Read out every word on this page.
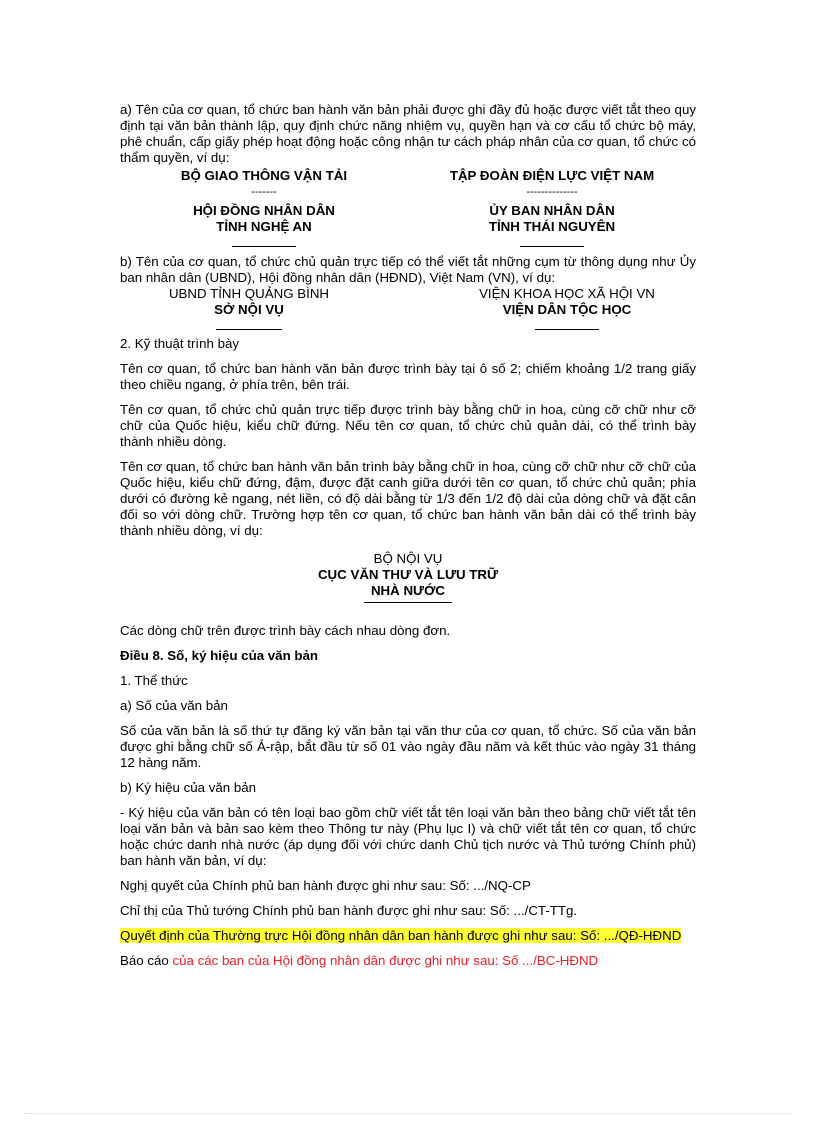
a) Tên của cơ quan, tổ chức ban hành văn bản phải được ghi đầy đủ hoặc được viết tắt theo quy định tại văn bản thành lập, quy định chức năng nhiệm vụ, quyền hạn và cơ cấu tổ chức bộ máy, phê chuẩn, cấp giấy phép hoạt động hoặc công nhận tư cách pháp nhân của cơ quan, tổ chức có thẩm quyền, ví dụ:

BỘ GIAO THÔNG VẬN TẢI

-------

HỘI ĐỒNG NHÂN DÂN

TỈNH NGHỆ AN

TẬP ĐOÀN ĐIỆN LỰC VIỆT NAM

--------------

ỦY BAN NHÂN DÂN

TỈNH THÁI NGUYÊN

b) Tên của cơ quan, tổ chức chủ quản trực tiếp có thể viết tắt những cụm từ thông dụng như Ủy ban nhân dân (UBND), Hội đồng nhân dân (HĐND), Việt Nam (VN), ví dụ:

UBND TỈNH QUẢNG BÌNH

SỞ NỘI VỤ

VIỆN KHOA HỌC XÃ HỘI VN

VIỆN DÂN TỘC HỌC

2. Kỹ thuật trình bày

Tên cơ quan, tổ chức ban hành văn bản được trình bày tại ô số 2; chiếm khoảng 1/2 trang giấy theo chiều ngang, ở phía trên, bên trái.

Tên cơ quan, tổ chức chủ quản trực tiếp được trình bày bằng chữ in hoa, cùng cỡ chữ như cỡ chữ của Quốc hiệu, kiểu chữ đứng. Nếu tên cơ quan, tổ chức chủ quản dài, có thể trình bày thành nhiều dòng.

Tên cơ quan, tổ chức ban hành văn bản trình bày bằng chữ in hoa, cùng cỡ chữ như cỡ chữ của Quốc hiệu, kiểu chữ đứng, đậm, được đặt canh giữa dưới tên cơ quan, tổ chức chủ quản; phía dưới có đường kẻ ngang, nét liền, có độ dài bằng từ 1/3 đến 1/2 độ dài của dòng chữ và đặt cân đối so với dòng chữ. Trường hợp tên cơ quan, tổ chức ban hành văn bản dài có thể trình bày thành nhiều dòng, ví dụ:

BỘ NỘI VỤ

CỤC VĂN THƯ VÀ LƯU TRỮ

NHÀ NƯỚC

Các dòng chữ trên được trình bày cách nhau dòng đơn.

Điều 8. Số, ký hiệu của văn bản

1. Thể thức

a) Số của văn bản

Số của văn bản là số thứ tự đăng ký văn bản tại văn thư của cơ quan, tổ chức. Số của văn bản được ghi bằng chữ số Ả-rập, bắt đầu từ số 01 vào ngày đầu năm và kết thúc vào ngày 31 tháng 12 hàng năm.

b) Ký hiệu của văn bản

- Ký hiệu của văn bản có tên loại bao gồm chữ viết tắt tên loại văn bản theo bảng chữ viết tắt tên loại văn bản và bản sao kèm theo Thông tư này (Phụ lục I) và chữ viết tắt tên cơ quan, tổ chức hoặc chức danh nhà nước (áp dụng đối với chức danh Chủ tịch nước và Thủ tướng Chính phủ) ban hành văn bản, ví dụ:

Nghị quyết của Chính phủ ban hành được ghi như sau: Số: .../NQ-CP

Chỉ thị của Thủ tướng Chính phủ ban hành được ghi như sau: Số: .../CT-TTg.

Quyết định của Thường trực Hội đồng nhân dân ban hành được ghi như sau: Số: .../QĐ-HĐND

Báo cáo của các ban của Hội đồng nhân dân được ghi như sau: Số .../BC-HĐND
